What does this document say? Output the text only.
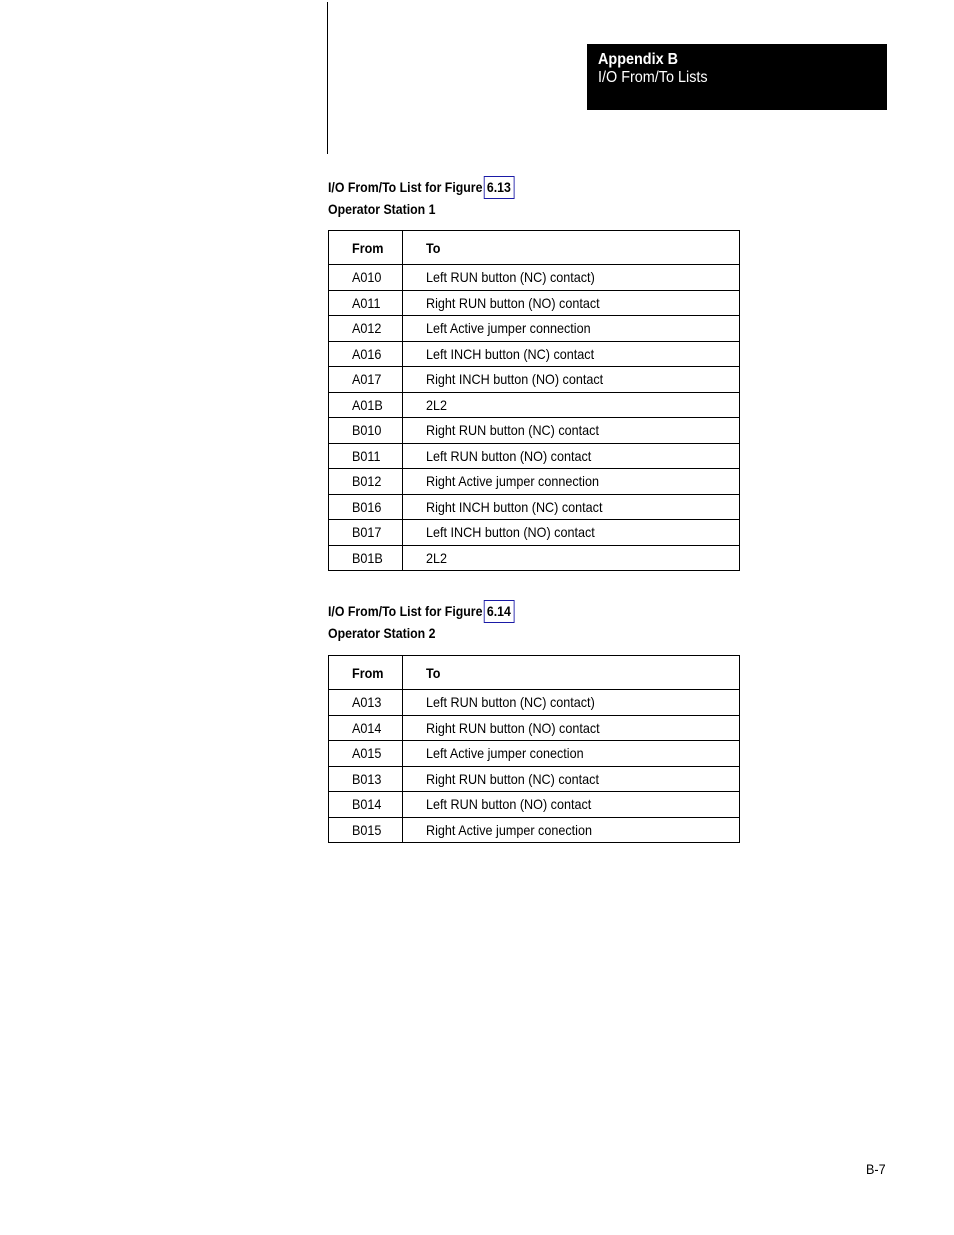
Appendix B
I/O From/To Lists
I/O From/To List for Figure 6.13
Operator Station 1
From	To
A010	Left RUN button (NC) contact)
A011	Right RUN button (NO) contact
A012	Left Active jumper connection
A016	Left INCH button (NC) contact
A017	Right INCH button (NO) contact
A01B	2L2
B010	Right RUN button (NC) contact
B011	Left RUN button (NO) contact
B012	Right Active jumper connection
B016	Right INCH button (NC) contact
B017	Left INCH button (NO) contact
B01B	2L2
I/O From/To List for Figure 6.14
Operator Station 2
From	To
A013	Left RUN button (NC) contact)
A014	Right RUN button (NO) contact
A015	Left Active jumper conection
B013	Right RUN button (NC) contact
B014	Left RUN button (NO) contact
B015	Right Active jumper conection
B-7
